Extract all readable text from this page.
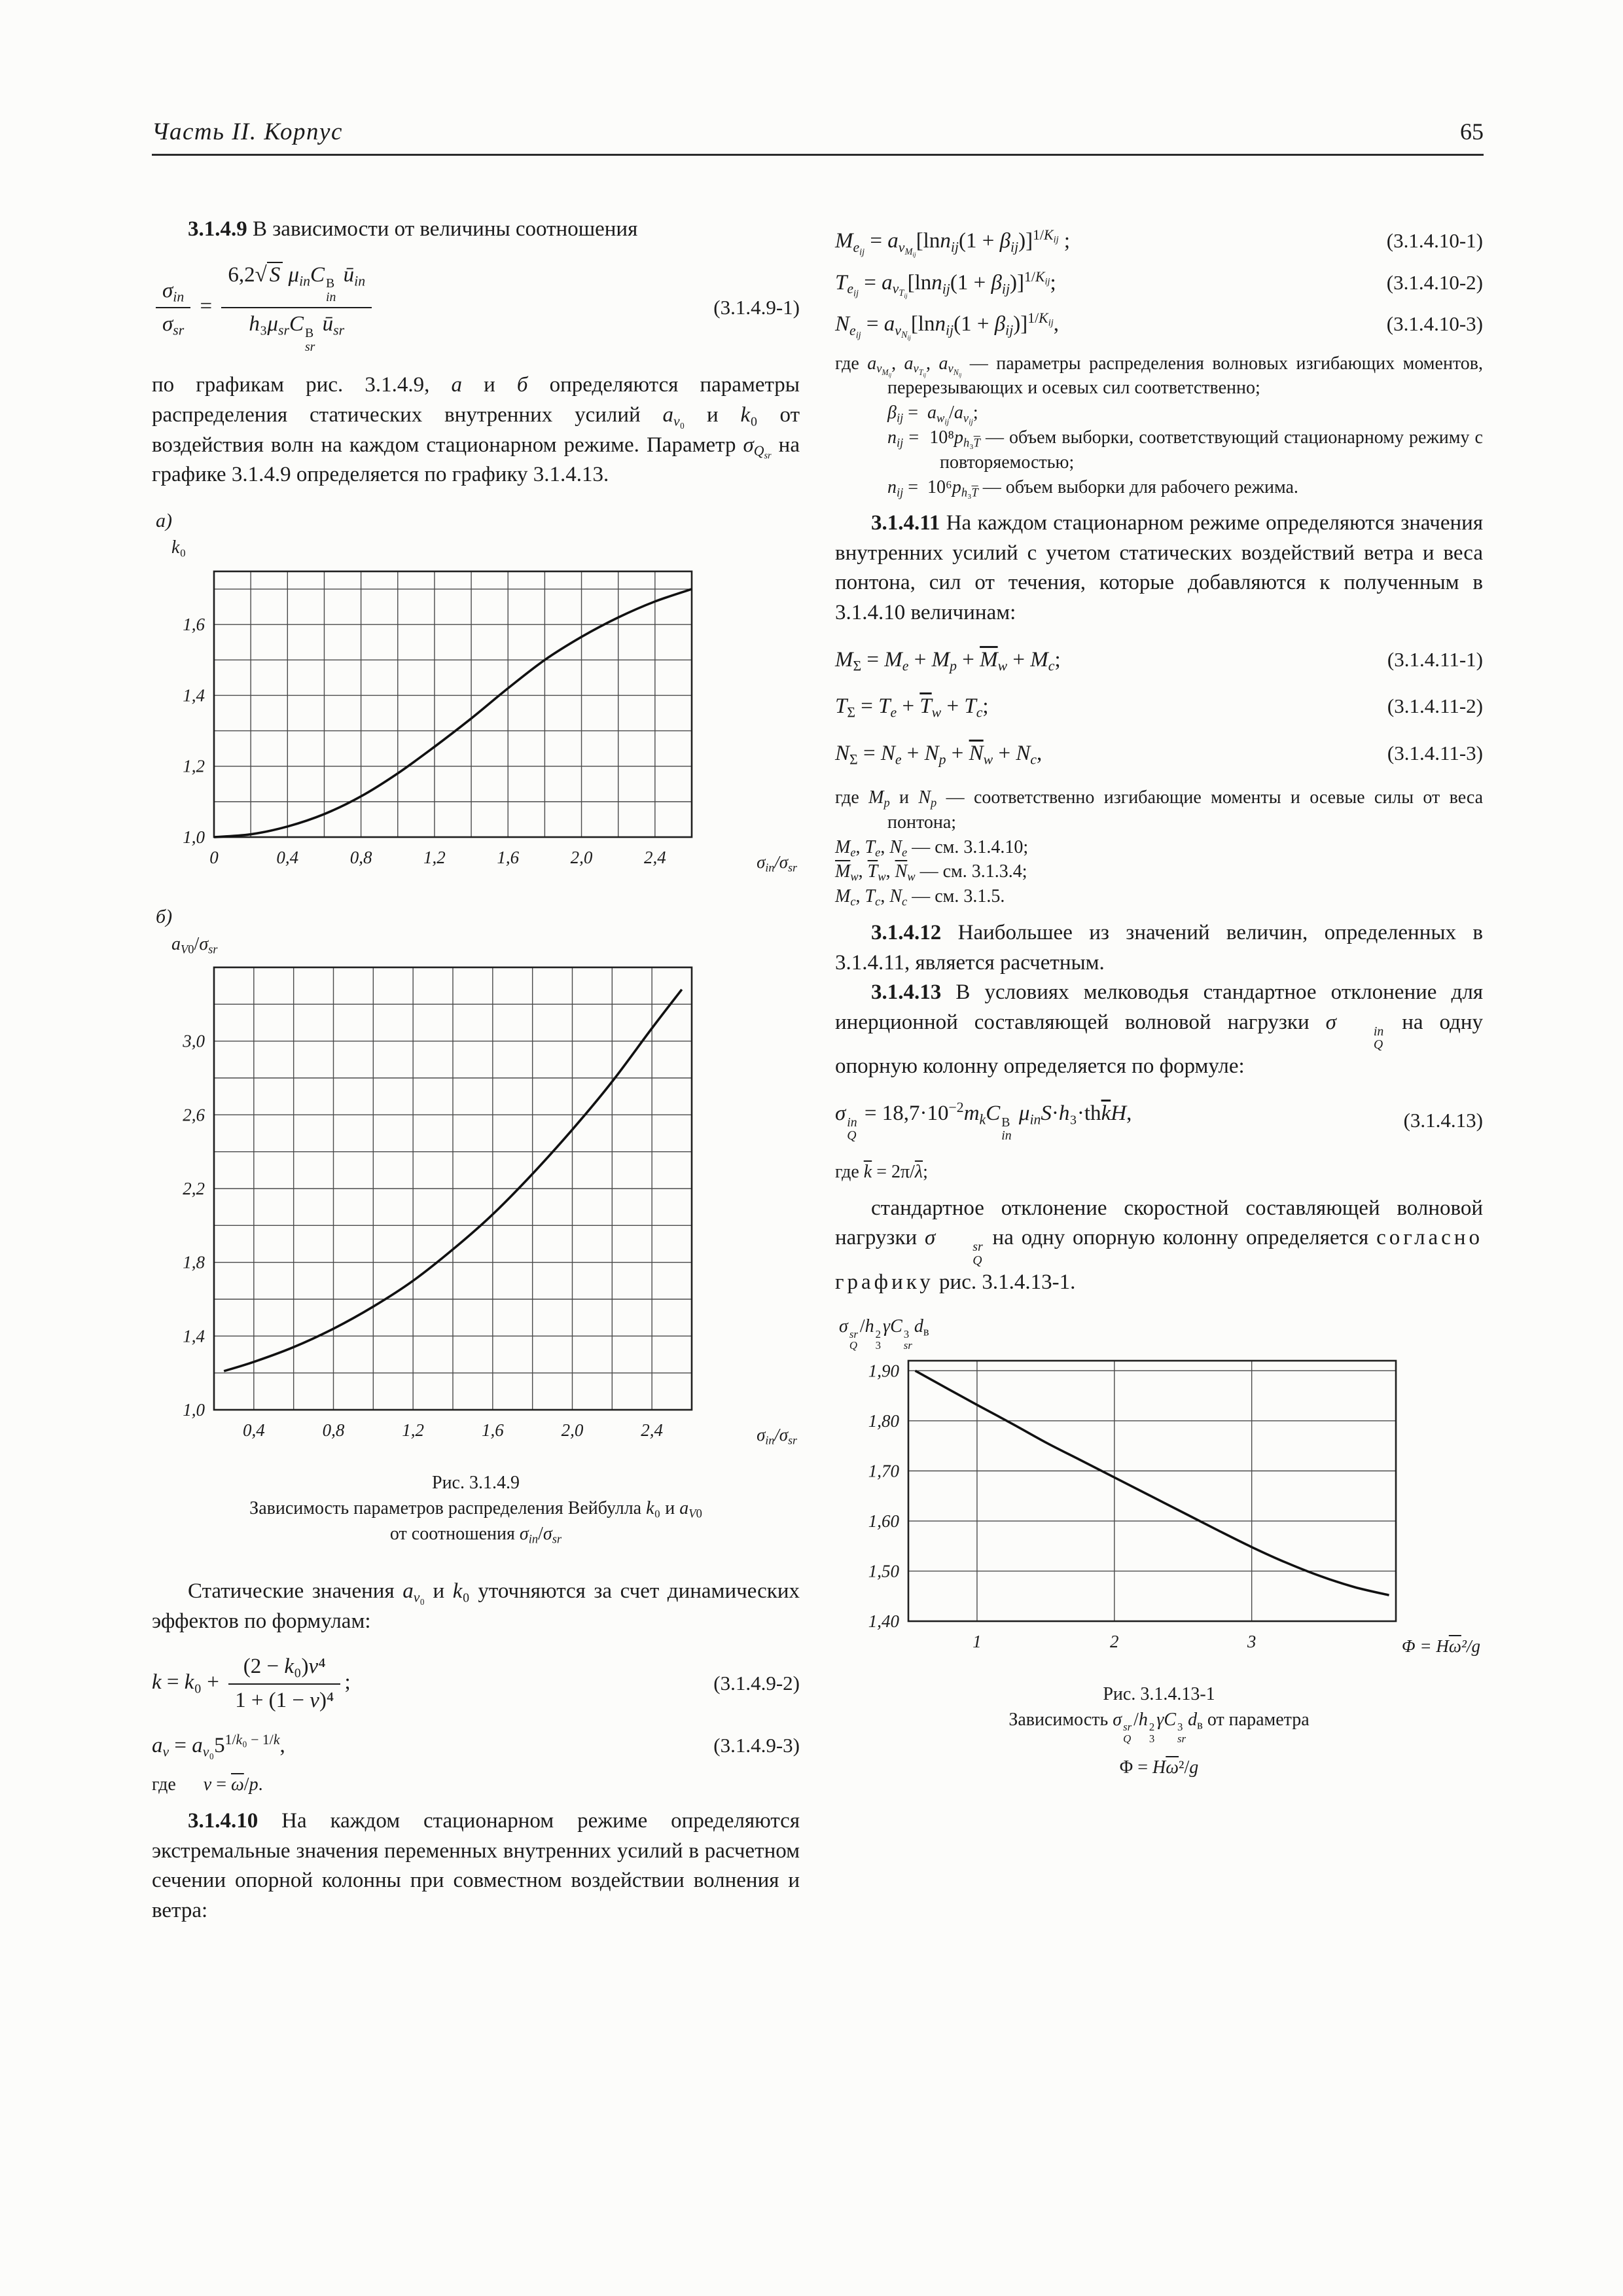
Часть II. Корпус	65

3.1.4.9 В зависимости от величины соотношения

$\frac{\sigma_{in}}{\sigma_{sr}} = 6,2√$ S $\mu_{in}C$ В
in
$ū_{in}$
$h_3\mu_{sr}C$ В
sr
$ū_{sr}$	(3.1.4.9-1)

по графикам рис. 3.1.4.9, а и б определяются параметры распределения статических внутренних усилий $a_{v_0}$ и k₀ от воздействия волн на каждом стационарном режиме. Параметр $\sigma_{Q_{sr}}$ на графике 3.1.4.9 определяется по графику 3.1.4.13.

а)
k₀
0	0,4	0,8	1,2	1,6	2,0	2,4
1,0
1,2
1,4
1,6
$\sigma_{in}/\sigma_{sr}$
б)
$a_{V0}/\sigma_{sr}$
0,4	0,8	1,2	1,6	2,0	2,4
1,0
1,4
1,8
2,2
2,6
3,0
$\sigma_{in}/\sigma_{sr}$
Рис. 3.1.4.9
Зависимость параметров распределения Вейбулла k₀ и $a_{V0}$
от соотношения $\sigma_{in}/\sigma_{sr}$

Статические значения $a_{v_0}$ и k₀ уточняются за счет динамических эффектов по формулам:

$k = k_0 + \frac{\text{(2 − k₀)ν⁴}}{\text{1 + (1 − ν)⁴}}$ ;	(3.1.4.9-2)
$a_v = a_{v_0}5^{1/k_0 - 1/k}$,	(3.1.4.9-3)
где      $\nu = \overline{\omega}/p$.

3.1.4.10 На каждом стационарном режиме определяются экстремальные значения переменных внутренних усилий в расчетном сечении опорной колонны при совместном воздействии волнения и ветра:

$M_{e_{ij}} = a_{v_{M_{ij}}}[\ln n_{ij}(1 + \beta_{ij})]^{1/K_{ij}}$ ;	(3.1.4.10-1)
$T_{e_{ij}} = a_{v_{T_{ij}}}[\ln n_{ij}(1 + \beta_{ij})]^{1/K_{ij}}$;	(3.1.4.10-2)
$N_{e_{ij}} = a_{v_{N_{ij}}}[\ln n_{ij}(1 + \beta_{ij})]^{1/K_{ij}}$,	(3.1.4.10-3)
где $a_{v_{M_{ij}}}$, $a_{v_{T_{ij}}}$, $a_{v_{N_{ij}}}$ — параметры распределения волновых изгибающих моментов, перерезывающих и осевых сил соответственно;
$\beta_{ij} = a_{w_{ij}}/a_{v_{ij}}$;
$n_{ij} = 10^8p_{h_3\overline{T}}$ — объем выборки, соответствующий стационарному режиму с повторяемостью;
$n_{ij} = 10^6p_{h_3\overline{T}}$ — объем выборки для рабочего режима.

3.1.4.11 На каждом стационарном режиме определяются значения внутренних усилий с учетом статических воздействий ветра и веса понтона, сил от течения, которые добавляются к полученным в 3.1.4.10 величинам:

$M_\Sigma = M_e + M_p + \overline{M}_w + M_c$;	(3.1.4.11-1)
$T_\Sigma = T_e + \overline{T}_w + T_c$;	(3.1.4.11-2)
$N_\Sigma = N_e + N_p + \overline{N}_w + N_c$,	(3.1.4.11-3)
где $M_p$ и $N_p$ — соответственно изгибающие моменты и осевые силы от веса понтона;
$M_e$, $T_e$, $N_e$ — см. 3.1.4.10;
$\overline{M}_w$, $\overline{T}_w$, $\overline{N}_w$ — см. 3.1.3.4;
$M_c$, $T_c$, $N_c$ — см. 3.1.5.

3.1.4.12 Наибольшее из значений величин, определенных в 3.1.4.11, является расчетным.

3.1.4.13 В условиях мелководья стандартное отклонение для инерционной составляющей волновой нагрузки σ	in
Q
на одну опорную колонну определяется по формуле:

σ in
Q
= $18,7\cdot 10^{-2}m_kC$ В
in
$\mu_{in}S\cdot h_3\cdot th\overline{k}H$,	(3.1.4.13)
где $\overline{k} = 2\pi/\overline{\lambda}$;

стандартное отклонение скоростной составляющей волновой нагрузки σ	sr
Q
на одну опорную колонну определяется согласно графику рис. 3.1.4.13-1.

σ sr
Q
/h 2
3
γC 3
sr
$d_в$
1	2	3
1,40
1,50
1,60
1,70
1,80
1,90
$\Phi = H\overline{\omega}^2/g$
Рис. 3.1.4.13-1
Зависимость σ sr
Q
/h 2
3
γC 3
sr
$d_в$ от параметра
$\Phi = H\overline{\omega}^2/g$
